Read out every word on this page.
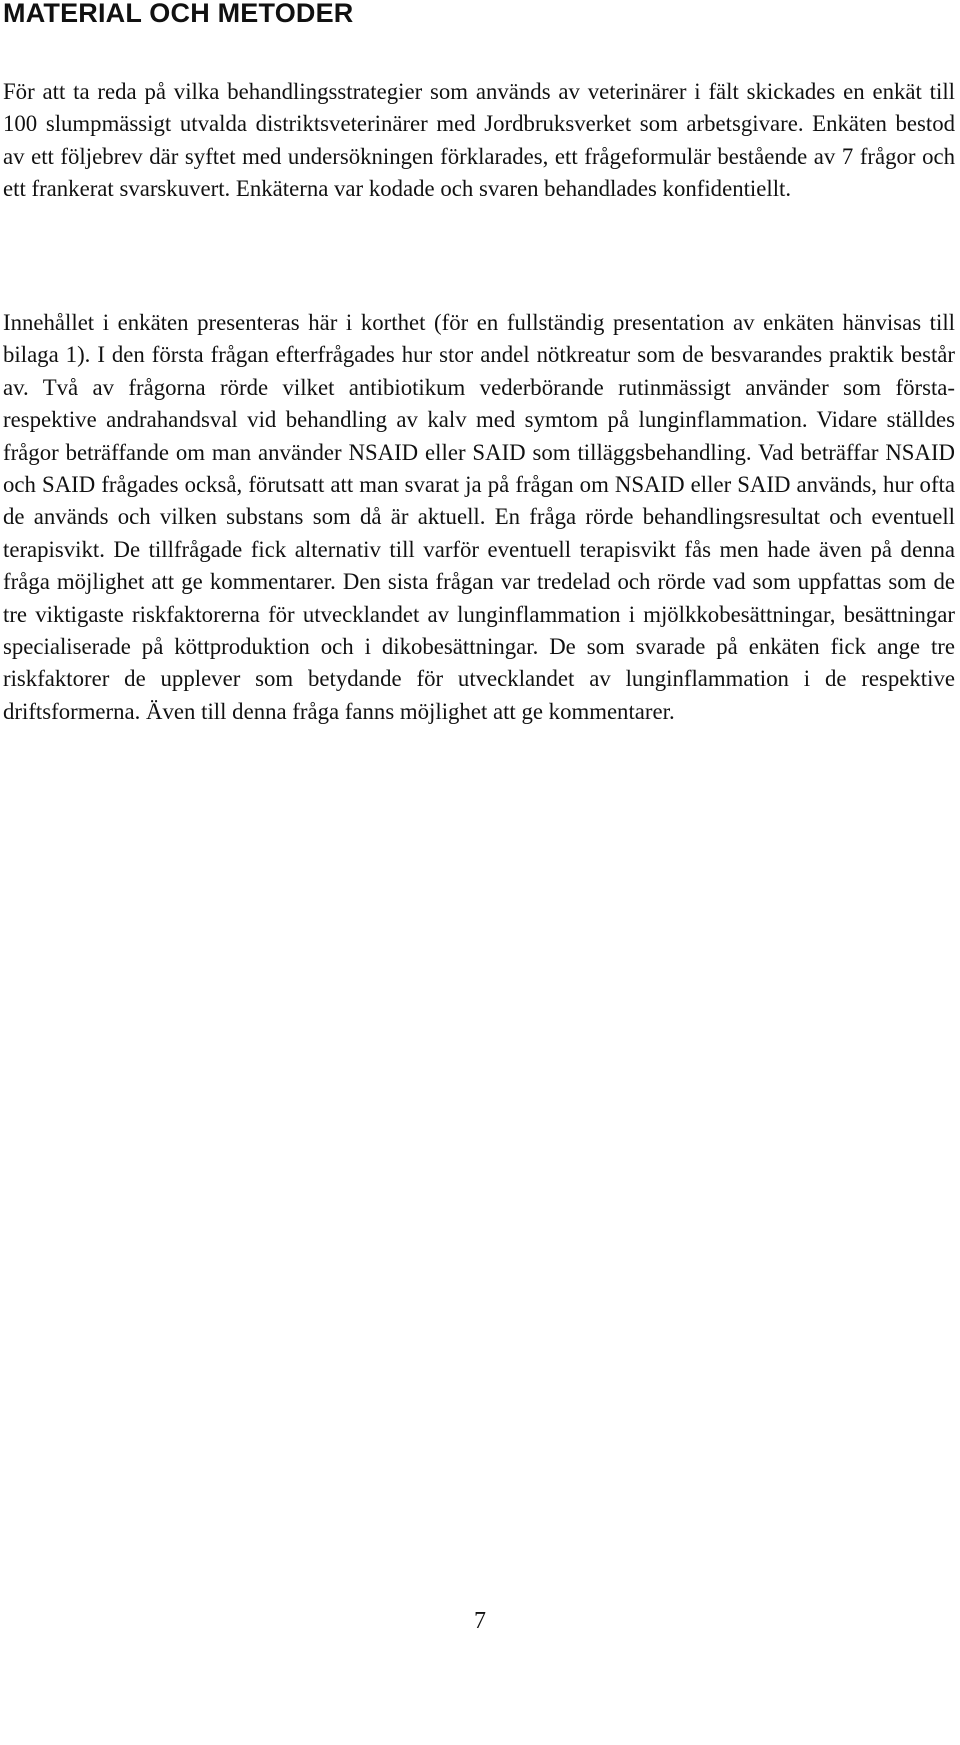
MATERIAL OCH METODER

För att ta reda på vilka behandlingsstrategier som används av veterinärer i fält skickades en enkät till 100 slumpmässigt utvalda distriktsveterinärer med Jordbruksverket som arbetsgivare. Enkäten bestod av ett följebrev där syftet med undersökningen förklarades, ett frågeformulär bestående av 7 frågor och ett frankerat svarskuvert. Enkäterna var kodade och svaren behandlades konfidentiellt.

Innehållet i enkäten presenteras här i korthet (för en fullständig presentation av enkäten hänvisas till bilaga 1). I den första frågan efterfrågades hur stor andel nötkreatur som de besvarandes praktik består av. Två av frågorna rörde vilket antibiotikum vederbörande rutinmässigt använder som första- respektive andrahandsval vid behandling av kalv med symtom på lunginflammation. Vidare ställdes frågor beträffande om man använder NSAID eller SAID som tilläggsbehandling. Vad beträffar NSAID och SAID frågades också, förutsatt att man svarat ja på frågan om NSAID eller SAID används, hur ofta de används och vilken substans som då är aktuell. En fråga rörde behandlingsresultat och eventuell terapisvikt. De tillfrågade fick alternativ till varför eventuell terapisvikt fås men hade även på denna fråga möjlighet att ge kommentarer. Den sista frågan var tredelad och rörde vad som uppfattas som de tre viktigaste riskfaktorerna för utvecklandet av lunginflammation i mjölkkobesättningar, besättningar specialiserade på köttproduktion och i dikobesättningar. De som svarade på enkäten fick ange tre riskfaktorer de upplever som betydande för utvecklandet av lunginflammation i de respektive driftsformerna. Även till denna fråga fanns möjlighet att ge kommentarer.

7
